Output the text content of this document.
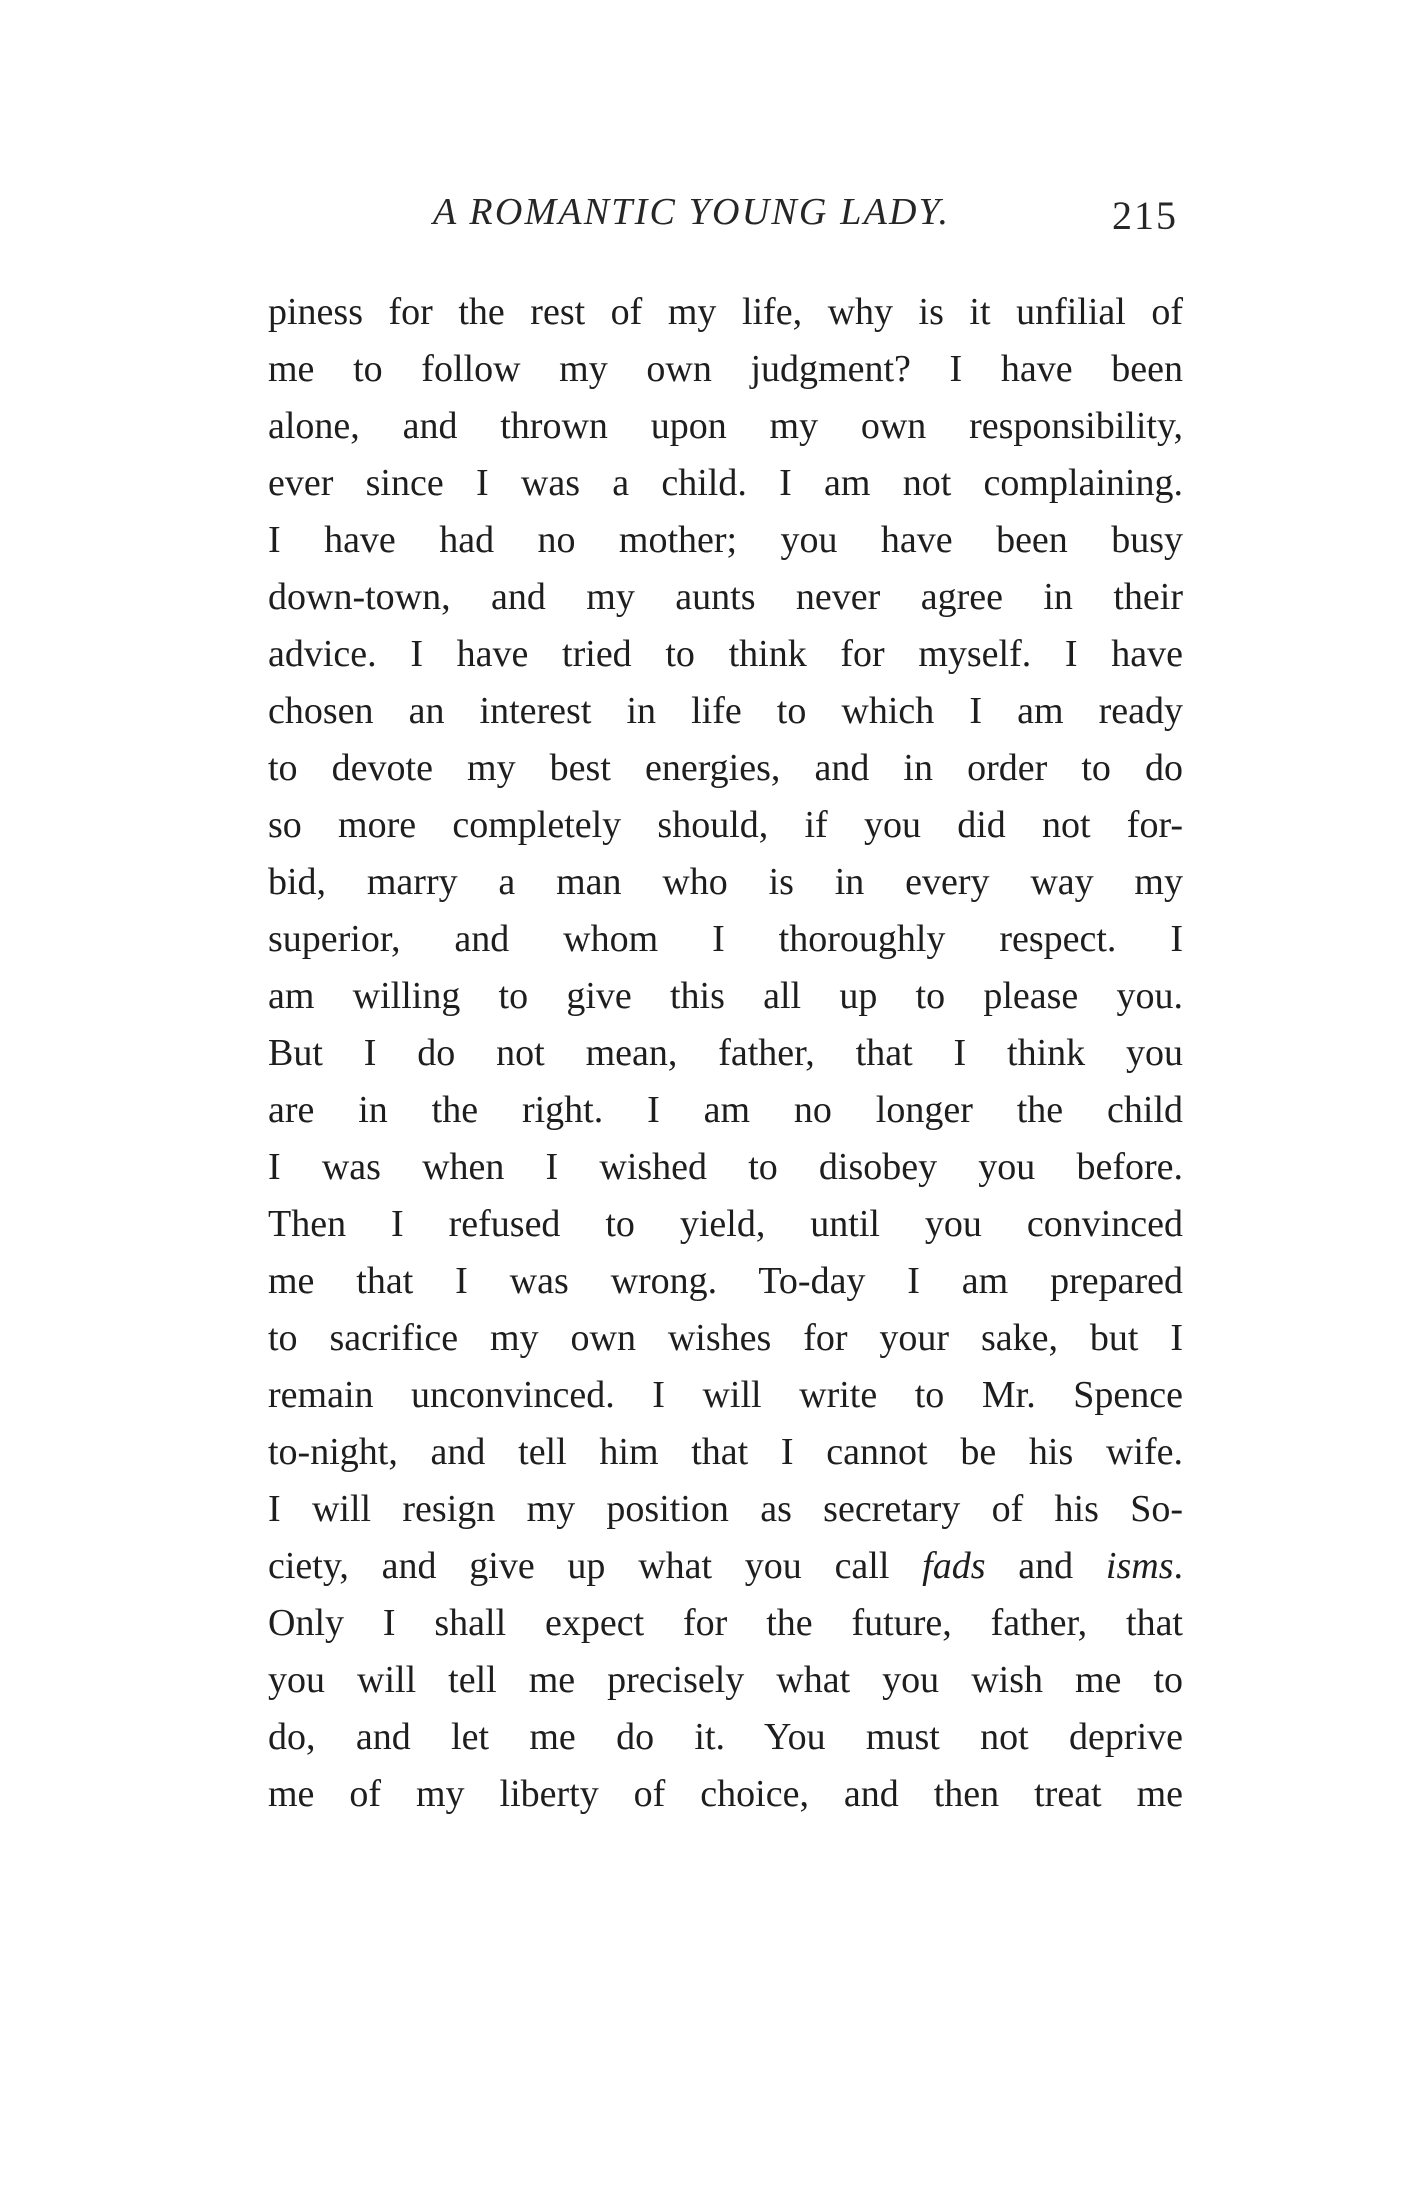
A ROMANTIC YOUNG LADY.	215
piness for the rest of my life, why is it unfilial of
me to follow my own judgment? I have been
alone, and thrown upon my own responsibility,
ever since I was a child. I am not complaining.
I have had no mother; you have been busy
down-town, and my aunts never agree in their
advice. I have tried to think for myself. I have
chosen an interest in life to which I am ready
to devote my best energies, and in order to do
so more completely should, if you did not for-
bid, marry a man who is in every way my
superior, and whom I thoroughly respect. I
am willing to give this all up to please you.
But I do not mean, father, that I think you
are in the right. I am no longer the child
I was when I wished to disobey you before.
Then I refused to yield, until you convinced
me that I was wrong. To-day I am prepared
to sacrifice my own wishes for your sake, but I
remain unconvinced. I will write to Mr. Spence
to-night, and tell him that I cannot be his wife.
I will resign my position as secretary of his So-
ciety, and give up what you call fads and isms.
Only I shall expect for the future, father, that
you will tell me precisely what you wish me to
do, and let me do it. You must not deprive
me of my liberty of choice, and then treat me
